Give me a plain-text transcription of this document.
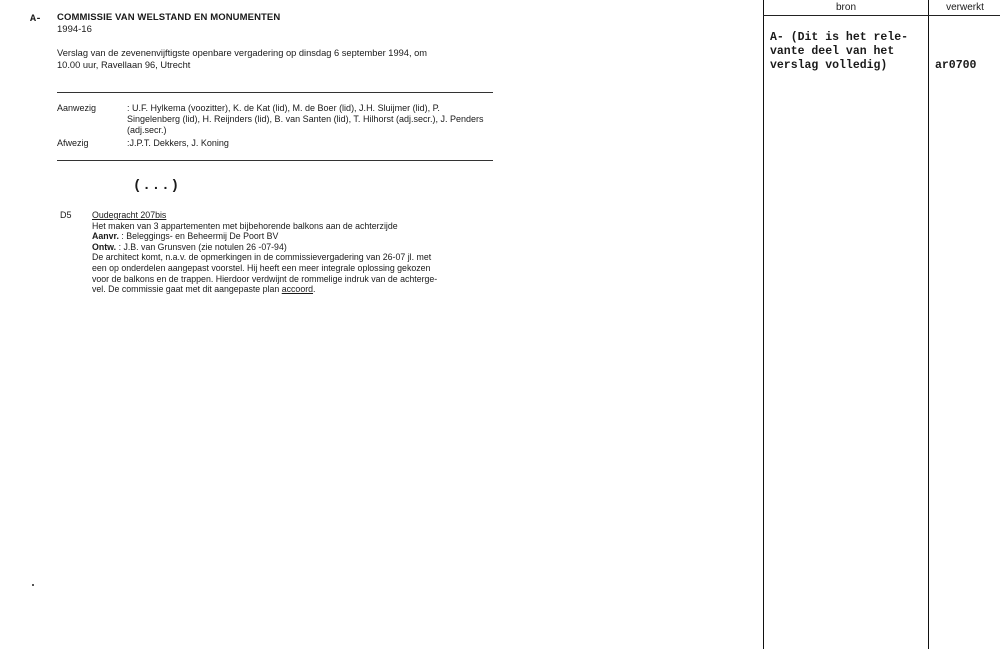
A- COMMISSIE VAN WELSTAND EN MONUMENTEN
1994-16
Verslag van de zevenenvijftigste openbare vergadering op dinsdag 6 september 1994, om
10.00 uur, Ravellaan 96, Utrecht
Aanwezig	: U.F. Hylkema (voozitter), K. de Kat (lid), M. de Boer (lid), J.H. Sluijmer (lid), P. Singelenberg (lid), H. Reijnders (lid), B. van Santen (lid), T. Hilhorst (adj.secr.), J. Penders (adj.secr.)
Afwezig	:J.P.T. Dekkers, J. Koning
(...)
D5 Oudegracht 207bis
Het maken van 3 appartementen met bijbehorende balkons aan de achterzijde
Aanvr. : Beleggings- en Beheermij De Poort BV
Ontw. : J.B. van Grunsven (zie notulen 26 -07-94)
De architect komt, n.a.v. de opmerkingen in de commissievergadering van 26-07 jl. met
een op onderdelen aangepast voorstel. Hij heeft een meer integrale oplossing gekozen
voor de balkons en de trappen. Hierdoor verdwijnt de rommelige indruk van de achterge-
vel. De commissie gaat met dit aangepaste plan accoord.
bron	verwerkt
A- (Dit is het rele-
vante deel van het
verslag volledig)	ar0700
